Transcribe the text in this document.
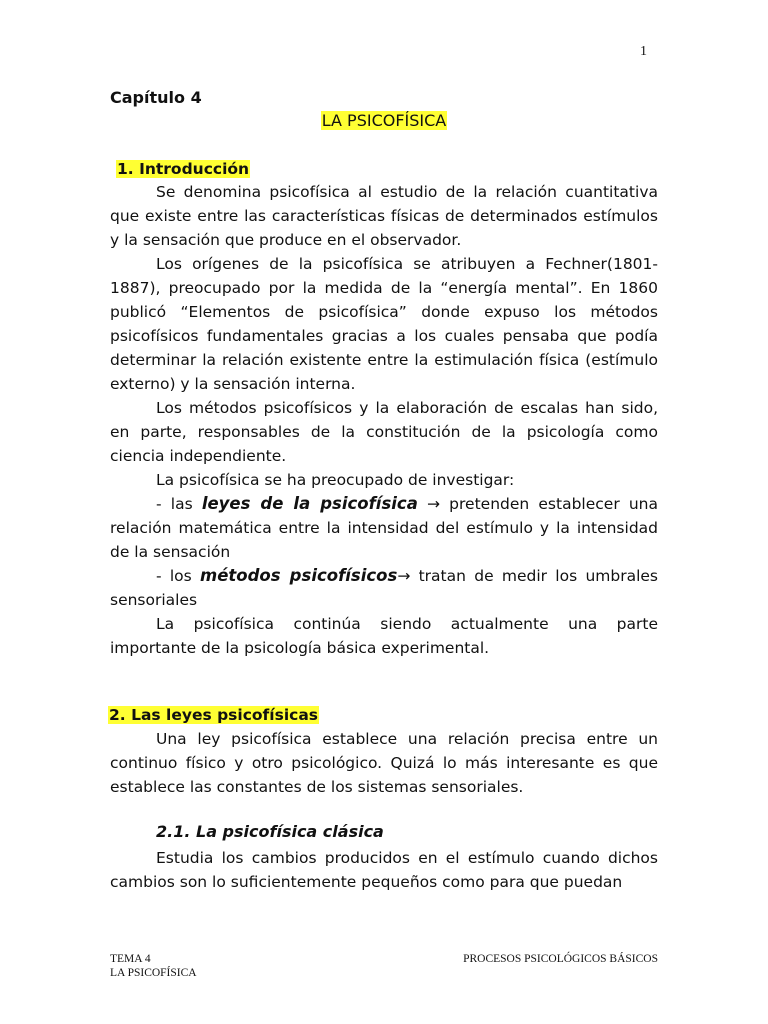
1
Capítulo 4
LA PSICOFÍSICA
1. Introducción

Se denomina psicofísica al estudio de la relación cuantitativa que existe entre las características físicas de determinados estímulos y la sensación que produce en el observador.

Los orígenes de la psicofísica se atribuyen a Fechner(1801-1887), preocupado por la medida de la “energía mental”. En 1860 publicó “Elementos de psicofísica” donde expuso los métodos psicofísicos fundamentales gracias a los cuales pensaba que podía determinar la relación existente entre la estimulación física (estímulo externo) y la sensación interna.

Los métodos psicofísicos y la elaboración de escalas han sido, en parte, responsables de la constitución de la psicología como ciencia independiente.

La psicofísica se ha preocupado de investigar:

- las leyes de la psicofísica → pretenden establecer una relación matemática entre la intensidad del estímulo y la intensidad de la sensación

- los métodos psicofísicos→ tratan de medir los umbrales sensoriales

La psicofísica continúa siendo actualmente una parte importante de la psicología básica experimental.

2. Las leyes psicofísicas

Una ley psicofísica establece una relación precisa entre un continuo físico y otro psicológico. Quizá lo más interesante es que establece las constantes de los sistemas sensoriales.

2.1. La psicofísica clásica

Estudia los cambios producidos en el estímulo cuando dichos cambios son lo suficientemente pequeños como para que puedan

TEMA 4
LA PSICOFÍSICA
PROCESOS PSICOLÓGICOS BÁSICOS
